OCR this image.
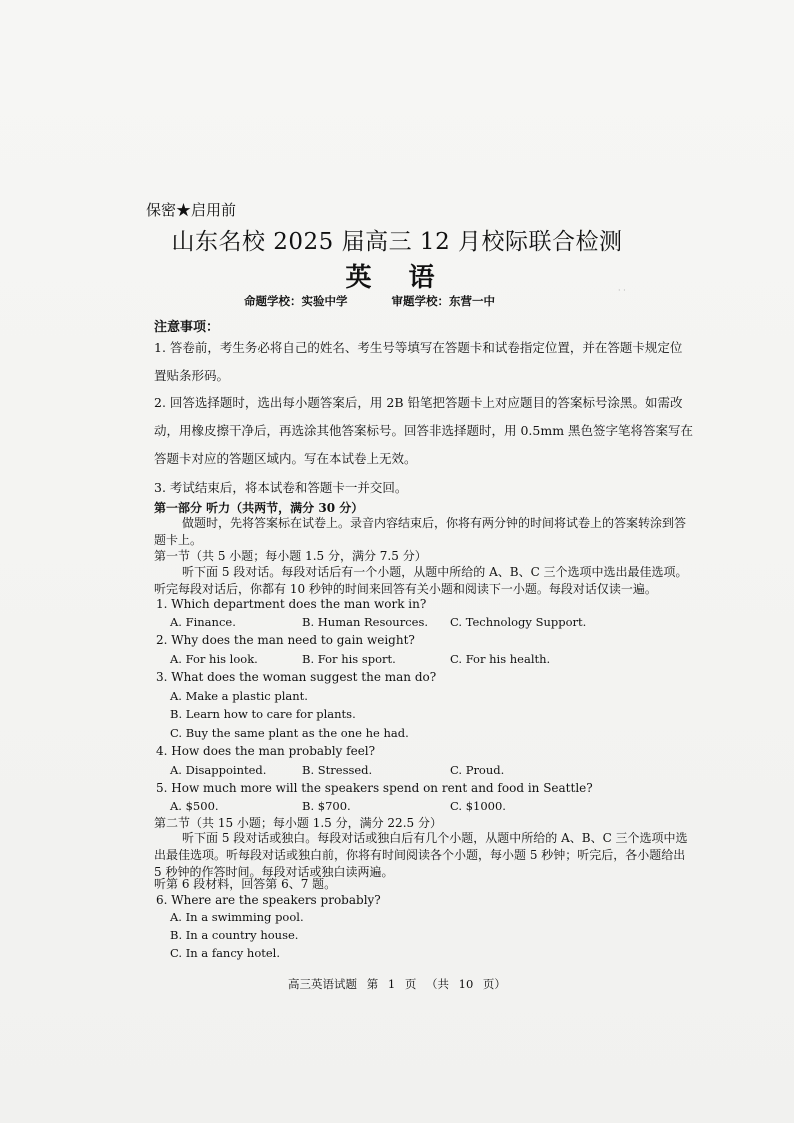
保密★启用前
山东名校 2025 届高三 12 月校际联合检测
英 语
命题学校：实验中学	审题学校：东营一中
· ·
注意事项：
1. 答卷前，考生务必将自己的姓名、考生号等填写在答题卡和试卷指定位置，并在答题卡规定位置贴条形码。
2. 回答选择题时，选出每小题答案后，用 2B 铅笔把答题卡上对应题目的答案标号涂黑。如需改动，用橡皮擦干净后，再选涂其他答案标号。回答非选择题时，用 0.5mm 黑色签字笔将答案写在答题卡对应的答题区域内。写在本试卷上无效。
3. 考试结束后，将本试卷和答题卡一并交回。
第一部分 听力（共两节，满分 30 分）
做题时，先将答案标在试卷上。录音内容结束后，你将有两分钟的时间将试卷上的答案转涂到答题卡上。
第一节（共 5 小题；每小题 1.5 分，满分 7.5 分）
听下面 5 段对话。每段对话后有一个小题，从题中所给的 A、B、C 三个选项中选出最佳选项。听完每段对话后，你都有 10 秒钟的时间来回答有关小题和阅读下一小题。每段对话仅读一遍。
1. Which department does the man work in?
A. Finance.	B. Human Resources. C. Technology Support.
2. Why does the man need to gain weight?
A. For his look.	B. For his sport.	C. For his health.
3. What does the woman suggest the man do?
A. Make a plastic plant.
B. Learn how to care for plants.
C. Buy the same plant as the one he had.
4. How does the man probably feel?
A. Disappointed.	B. Stressed.	C. Proud.
5. How much more will the speakers spend on rent and food in Seattle?
A. $500.	B. $700.	C. $1000.
第二节（共 15 小题；每小题 1.5 分，满分 22.5 分）
听下面 5 段对话或独白。每段对话或独白后有几个小题，从题中所给的 A、B、C 三个选项中选出最佳选项。听每段对话或独白前，你将有时间阅读各个小题，每小题 5 秒钟；听完后，各小题给出 5 秒钟的作答时间。每段对话或独白读两遍。
听第 6 段材料，回答第 6、7 题。
6. Where are the speakers probably?
A. In a swimming pool.
B. In a country house.
C. In a fancy hotel.
高三英语试题 第 1 页 （共 10 页）
